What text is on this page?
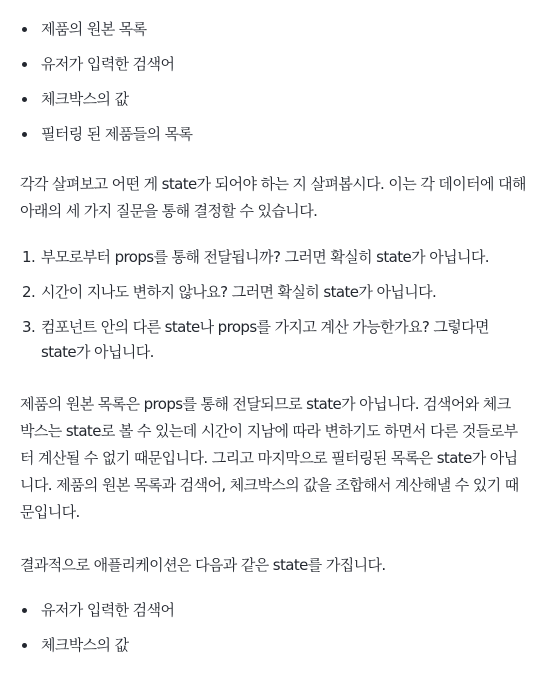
제품의 원본 목록
유저가 입력한 검색어
체크박스의 값
필터링 된 제품들의 목록

각각 살펴보고 어떤 게 state가 되어야 하는 지 살펴봅시다. 이는 각 데이터에 대해
아래의 세 가지 질문을 통해 결정할 수 있습니다.

1. 부모로부터 props를 통해 전달됩니까? 그러면 확실히 state가 아닙니다.
2. 시간이 지나도 변하지 않나요? 그러면 확실히 state가 아닙니다.
3. 컴포넌트 안의 다른 state나 props를 가지고 계산 가능한가요? 그렇다면
state가 아닙니다.

제품의 원본 목록은 props를 통해 전달되므로 state가 아닙니다. 검색어와 체크
박스는 state로 볼 수 있는데 시간이 지남에 따라 변하기도 하면서 다른 것들로부
터 계산될 수 없기 때문입니다. 그리고 마지막으로 필터링된 목록은 state가 아닙
니다. 제품의 원본 목록과 검색어, 체크박스의 값을 조합해서 계산해낼 수 있기 때
문입니다.

결과적으로 애플리케이션은 다음과 같은 state를 가집니다.

유저가 입력한 검색어
체크박스의 값
